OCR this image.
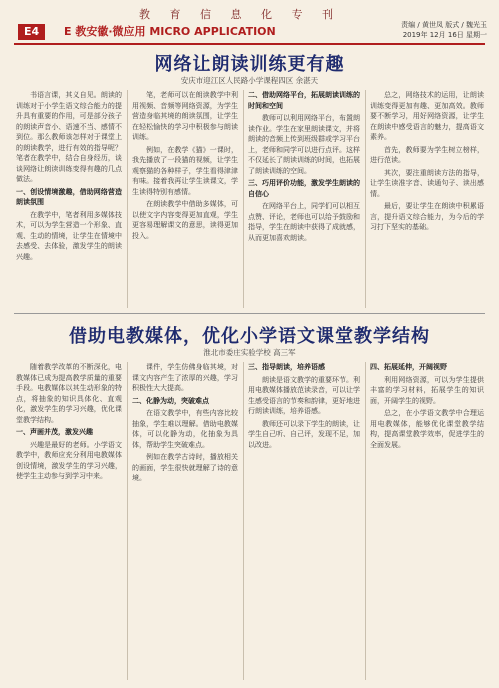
教 育 信 息 化 专 刊
E4	E 教安徽·微应用 MICRO APPLICATION	责编 / 黄世凤 版式 / 魏光玉
2019年 12月 16日 星期一
网络让朗读训练更有趣
安庆市迎江区人民路小学课程四区 余湛天

书语言课，其义自见。朗读的训练对于小学生语文综合能力的提升具有重要的作用，可是部分孩子的朗读声音小、语速不当、感情不到位。那么教师该怎样对于课堂上的朗读教学，进行有效的指导呢？笔者在教学中，结合自身经历，谈谈网络让朗读训练变得有趣的几点做法。

一、创设情境激趣，借助网络营造朗读氛围

在教学中，笔者利用多媒体技术，可以为学生营造一个形象、直观、生动的情境，让学生在情境中去感受、去体验，激发学生的朗读兴趣。

笔，老师可以在朗读教学中利用视频、音频等网络资源，为学生营造身临其境的朗读氛围，让学生在轻松愉快的学习中积极参与朗读训练。

例如，在教学《猫》一课时，我先播放了一段猫的视频，让学生观察猫的各种样子，学生看得津津有味。接着我再让学生读课文，学生读得特别有感情。

在朗读教学中借助多媒体，可以使文字内容变得更加直观，学生更容易理解课文的意思，读得更加投入。

二、借助网络平台，拓展朗读训练的时间和空间

教师可以利用网络平台，布置朗读作业。学生在家里朗读课文，并将朗读的音频上传到班级群或学习平台上，老师和同学可以进行点评。这样不仅延长了朗读训练的时间，也拓展了朗读训练的空间。

三、巧用评价功能，激发学生朗读的自信心

在网络平台上，同学们可以相互点赞、评论，老师也可以给予鼓励和指导，学生在朗读中获得了成就感，从而更加喜欢朗读。

总之，网络技术的运用，让朗读训练变得更加有趣、更加高效。教师要不断学习，用好网络资源，让学生在朗读中感受语言的魅力，提高语文素养。

首先，教师要为学生树立榜样，进行范读。

其次，要注重朗读方法的指导，让学生读准字音、读通句子、读出感情。

最后，要让学生在朗读中积累语言，提升语文综合能力，为今后的学习打下坚实的基础。

借助电教媒体，优化小学语文课堂教学结构
淮北市委庄实验学校 高三军

随着教学改革的不断深化，电教媒体已成为提高教学质量的重要手段。电教媒体以其生动形象的特点，将抽象的知识具体化、直观化，激发学生的学习兴趣，优化课堂教学结构。

一、声画并茂，激发兴趣

兴趣是最好的老师。小学语文教学中，教师应充分利用电教媒体创设情境，激发学生的学习兴趣，使学生主动参与到学习中来。

课件，学生仿佛身临其境，对课文内容产生了浓厚的兴趣，学习积极性大大提高。

二、化静为动，突破难点

在语文教学中，有些内容比较抽象，学生难以理解。借助电教媒体，可以化静为动，化抽象为具体，帮助学生突破难点。

例如在教学古诗时，播放相关的画面，学生很快就理解了诗的意境。

三、指导朗读，培养语感

朗读是语文教学的重要环节。利用电教媒体播放范读录音，可以让学生感受语言的节奏和韵律，更好地进行朗读训练，培养语感。

教师还可以录下学生的朗读，让学生自己听、自己评，发现不足，加以改进。

四、拓展延伸，开阔视野

利用网络资源，可以为学生提供丰富的学习材料，拓展学生的知识面，开阔学生的视野。

总之，在小学语文教学中合理运用电教媒体，能够优化课堂教学结构，提高课堂教学效率，促进学生的全面发展。
